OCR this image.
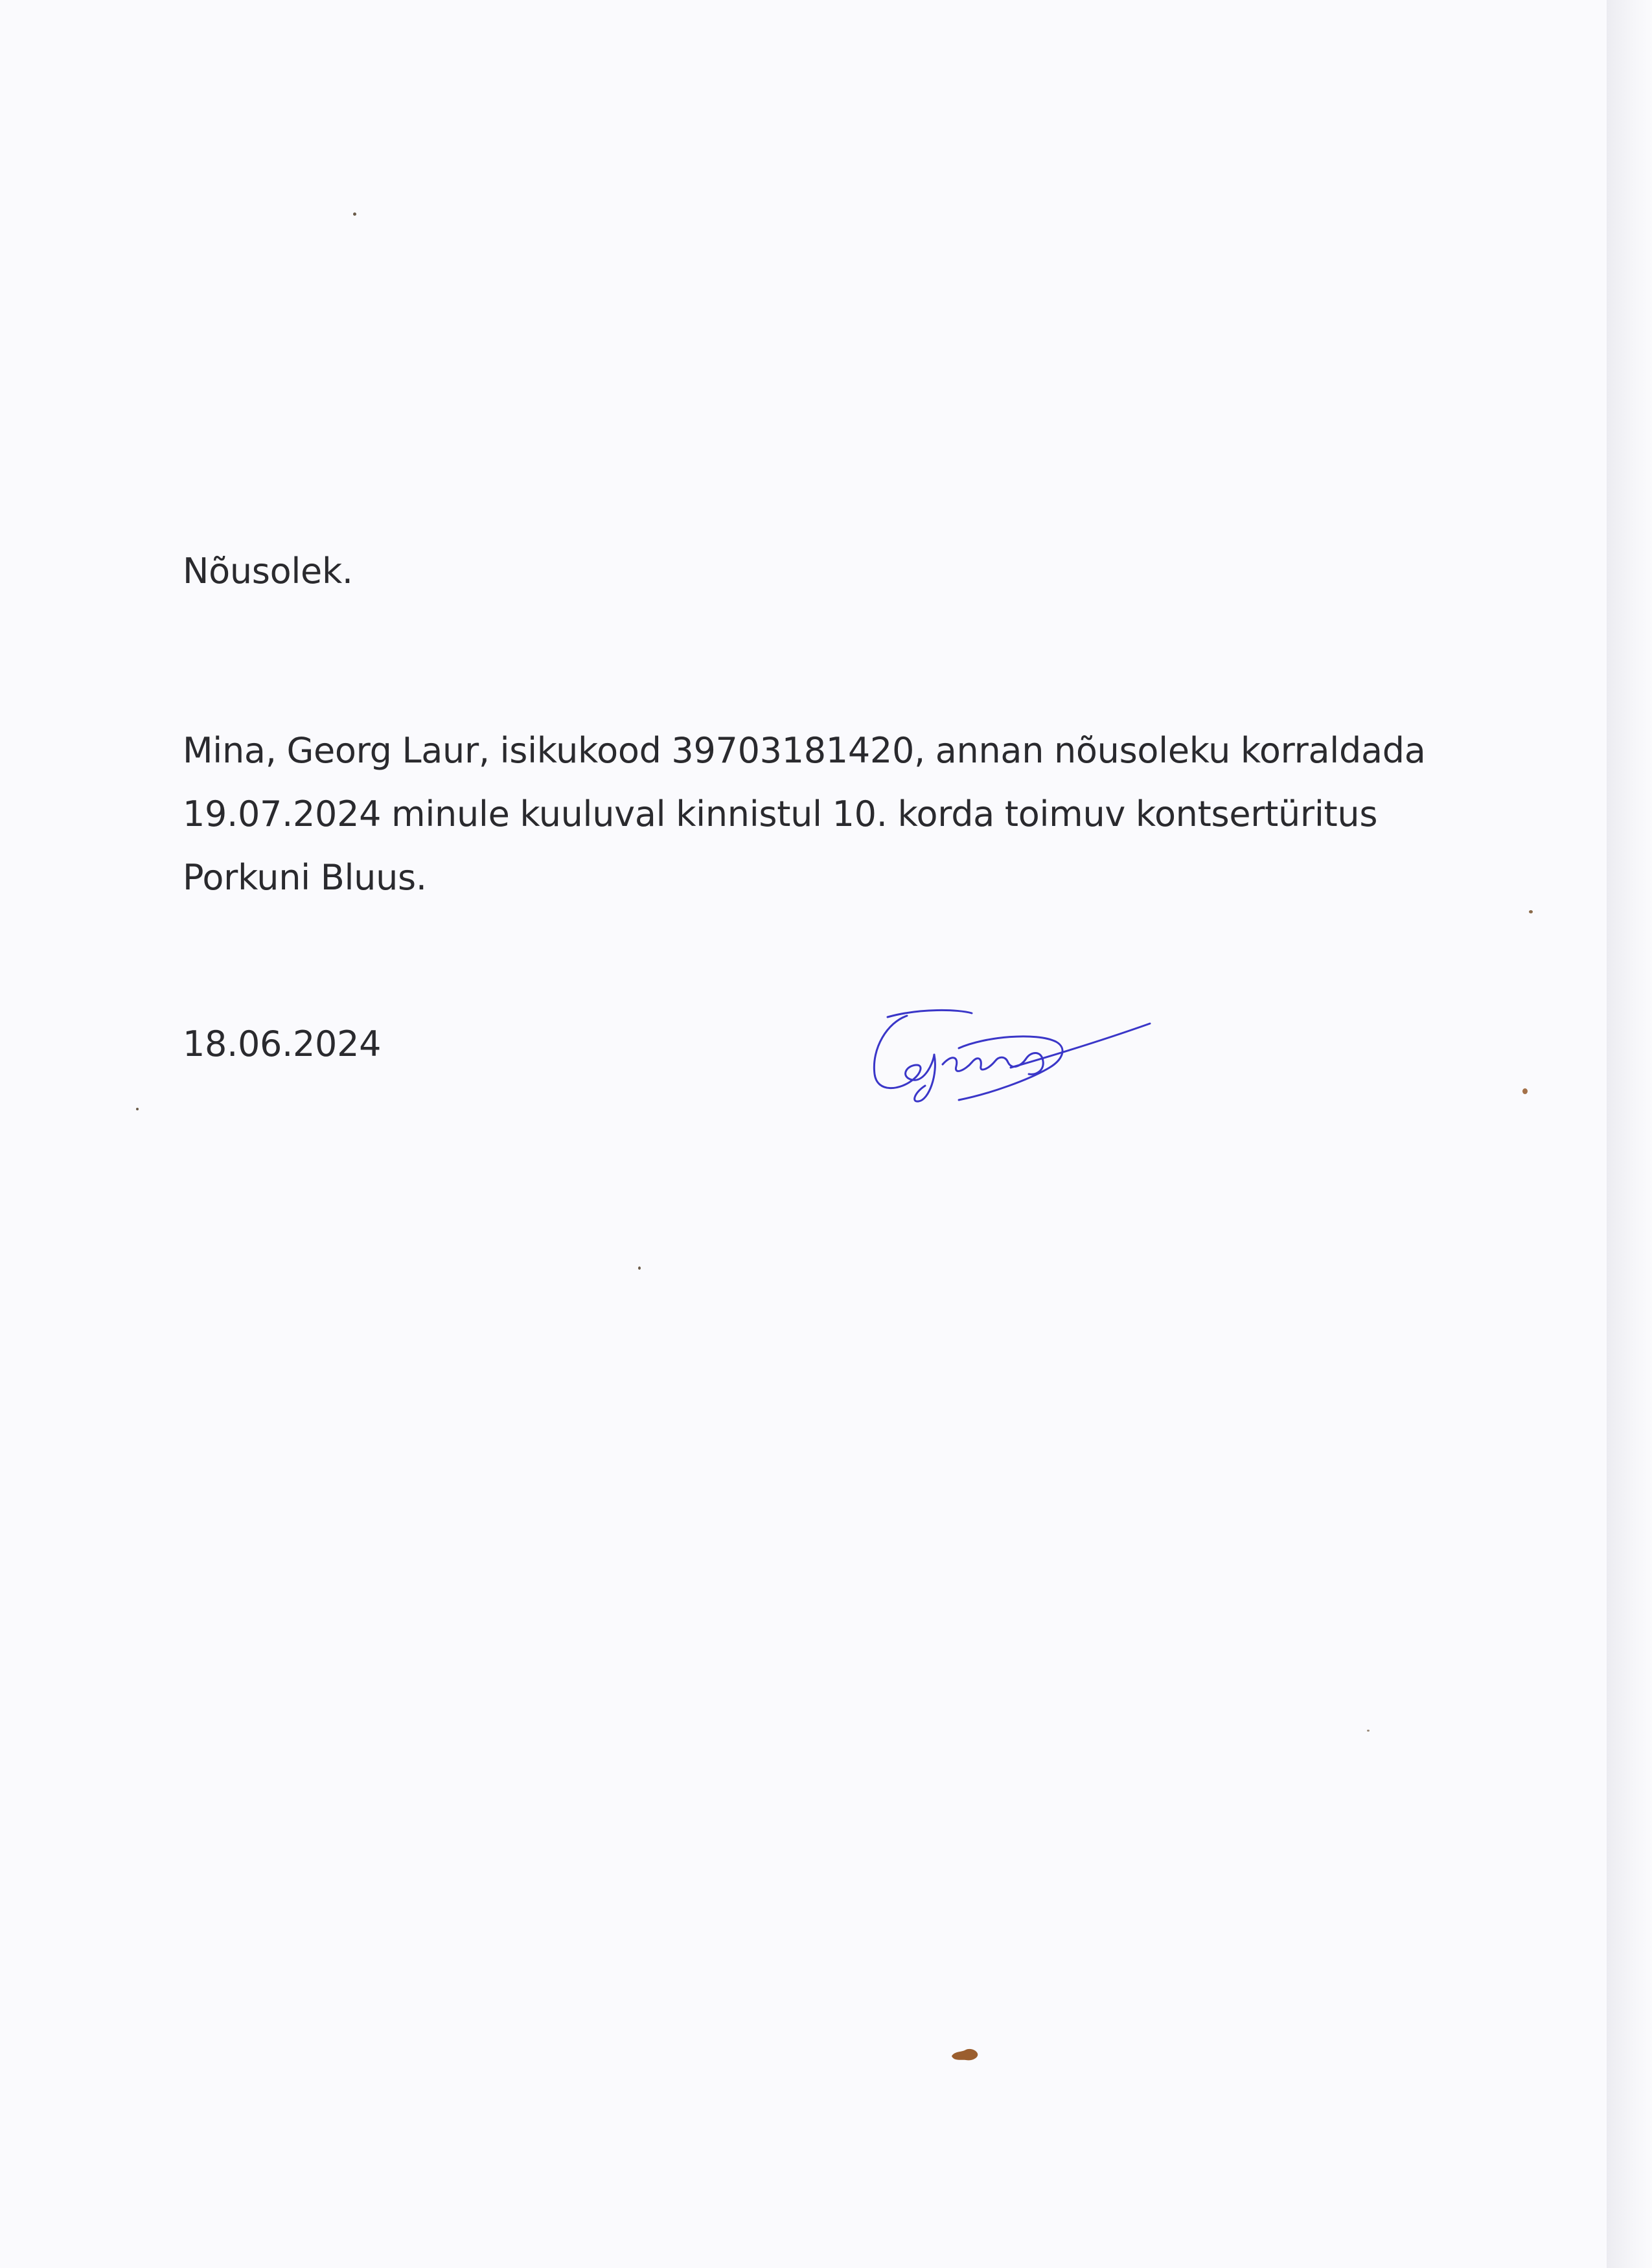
Nõusolek.
Mina, Georg Laur, isikukood 39703181420, annan nõusoleku korraldada 19.07.2024 minule kuuluval kinnistul 10. korda toimuv kontsertüritus Porkuni Bluus.
18.06.2024
